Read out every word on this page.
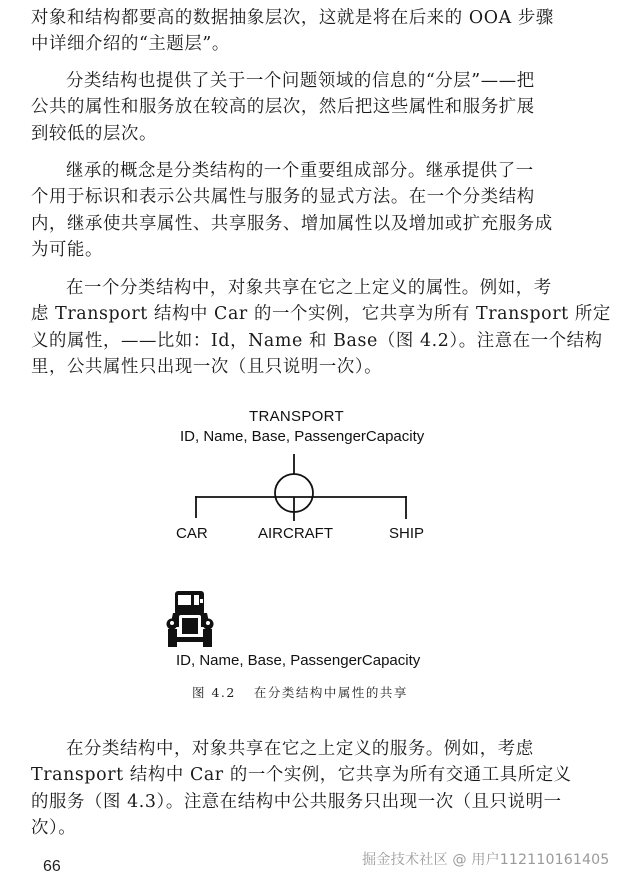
对象和结构都要高的数据抽象层次，这就是将在后来的 OOA 步骤
中详细介绍的“主题层”。

分类结构也提供了关于一个问题领域的信息的“分层”——把
公共的属性和服务放在较高的层次，然后把这些属性和服务扩展
到较低的层次。

继承的概念是分类结构的一个重要组成部分。继承提供了一
个用于标识和表示公共属性与服务的显式方法。在一个分类结构
内，继承使共享属性、共享服务、增加属性以及增加或扩充服务成
为可能。

在一个分类结构中，对象共享在它之上定义的属性。例如，考
虑 Transport 结构中 Car 的一个实例，它共享为所有 Transport 所定
义的属性，——比如：Id，Name 和 Base（图 4.2）。注意在一个结构
里，公共属性只出现一次（且只说明一次）。

TRANSPORT
ID, Name, Base, PassengerCapacity
CAR	AIRCRAFT	SHIP
ID, Name, Base, PassengerCapacity
图 4.2 在分类结构中属性的共享

在分类结构中，对象共享在它之上定义的服务。例如，考虑
Transport 结构中 Car 的一个实例，它共享为所有交通工具所定义
的服务（图 4.3）。注意在结构中公共服务只出现一次（且只说明一
次）。

66	掘金技术社区 @ 用户112110161405
